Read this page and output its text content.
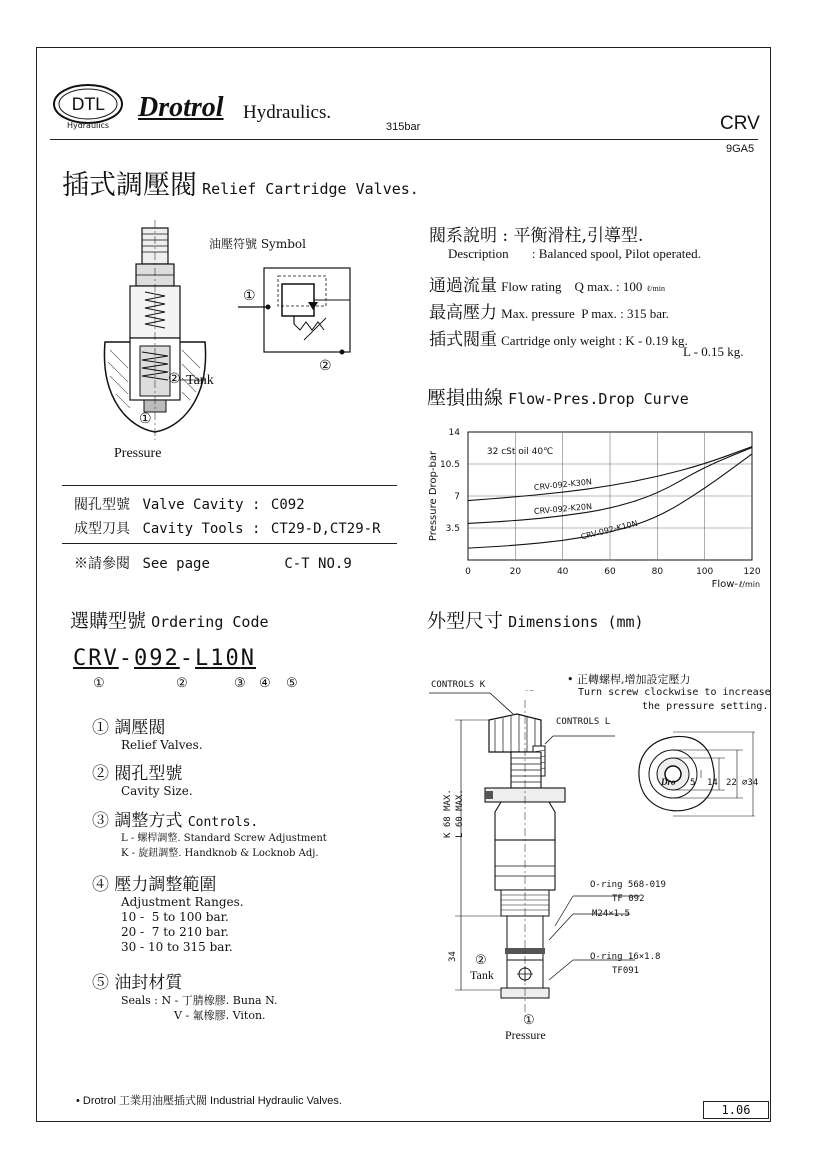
DTL
Hydraulics
Drotrol Hydraulics.
315bar	CRV
9GA5
插式調壓閥 Relief Cartridge Valves.
② Tank
①
Pressure
油壓符號 Symbol
①
②
閥孔型號 Valve Cavity : C092
成型刀具 Cavity Tools : CT29-D,CT29-R
※請參閱 See page	C-T NO.9
閥系說明 : 平衡滑柱,引導型.
Description : Balanced spool, Pilot operated.
通過流量 Flow rating    Q max. : 100 ℓ/min
最高壓力 Max. pressure  P max. : 315 bar.
插式閥重 Cartridge only weight : K - 0.19 kg.
L - 0.15 kg.
壓損曲線 Flow-Pres.Drop Curve
0	20	40	60	80	100	120
3.5
7
10.5
14
Pressure Drop-bar
Flow- ℓ/min
32 cSt oil 40℃
CRV-092-K30N
CRV-092-K20N
CRV-092-K10N
選購型號 Ordering Code
CRV-092-L10N
①	②	③ ④ ⑤
① 調壓閥
Relief Valves.
② 閥孔型號
Cavity Size.
③ 調整方式 Controls.
L - 螺桿調整. Standard Screw Adjustment
K - 旋鈕調整. Handknob & Locknob Adj.
④ 壓力調整範圍
Adjustment Ranges.
10 -  5 to 100 bar.
20 -  7 to 210 bar.
30 - 10 to 315 bar.
⑤ 油封材質
Seals : N - 丁腈橡膠. Buna N.
V - 氟橡膠. Viton.
外型尺寸 Dimensions (mm)
• 正轉螺桿,增加設定壓力
Turn screw clockwise to increase
the pressure setting.
CONTROLS K
CONTROLS L
Dro 5 14 22 ⌀34
K 68 MAX. L 60 MAX.
34
O-ring 568-019
TF 092
M24×1.5
O-ring 16×1.8
TF091
②
Tank
①
Pressure
• Drotrol 工業用油壓插式閥 Industrial Hydraulic Valves.
1.06
